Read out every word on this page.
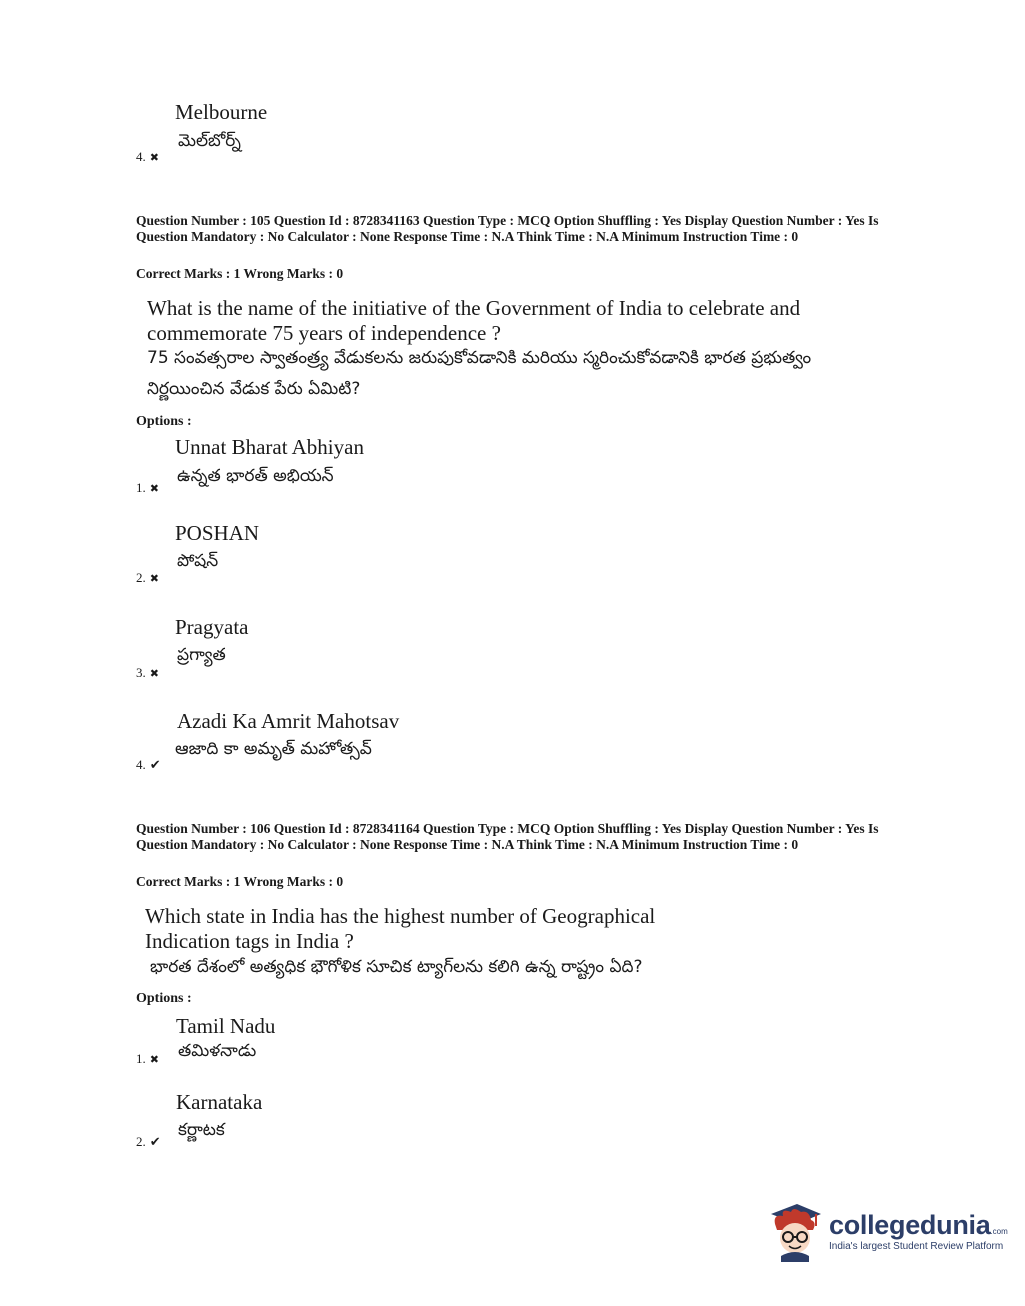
Melbourne
మెల్‌బోర్న్
4. ✖
Question Number : 105 Question Id : 8728341163 Question Type : MCQ Option Shuffling : Yes Display Question Number : Yes Is Question Mandatory : No Calculator : None Response Time : N.A Think Time : N.A Minimum Instruction Time : 0
Correct Marks : 1 Wrong Marks : 0
What is the name of the initiative of the Government of India to celebrate and
commemorate 75 years of independence ?
75 సంవత్సరాల స్వాతంత్ర్య వేడుకలను జరుపుకోవడానికి మరియు స్మరించుకోవడానికి భారత ప్రభుత్వం
నిర్ణయించిన వేడుక పేరు ఏమిటి?
Options :
Unnat Bharat Abhiyan
ఉన్నత భారత్ అభియన్
1. ✖
POSHAN
పోషన్
2. ✖
Pragyata
ప్రగ్యాత
3. ✖
Azadi Ka Amrit Mahotsav
ఆజాది కా అమృత్ మహోత్సవ్
4. ✔
Question Number : 106 Question Id : 8728341164 Question Type : MCQ Option Shuffling : Yes Display Question Number : Yes Is Question Mandatory : No Calculator : None Response Time : N.A Think Time : N.A Minimum Instruction Time : 0
Correct Marks : 1 Wrong Marks : 0
Which state in India has the highest number of Geographical
Indication tags in India ?
భారత దేశంలో అత్యధిక భౌగోళిక సూచిక ట్యాగ్‌లను కలిగి ఉన్న రాష్ట్రం ఏది?
Options :
Tamil Nadu
తమిళనాడు
1. ✖
Karnataka
కర్ణాటక
2. ✔
collegedunia.com
India's largest Student Review Platform
